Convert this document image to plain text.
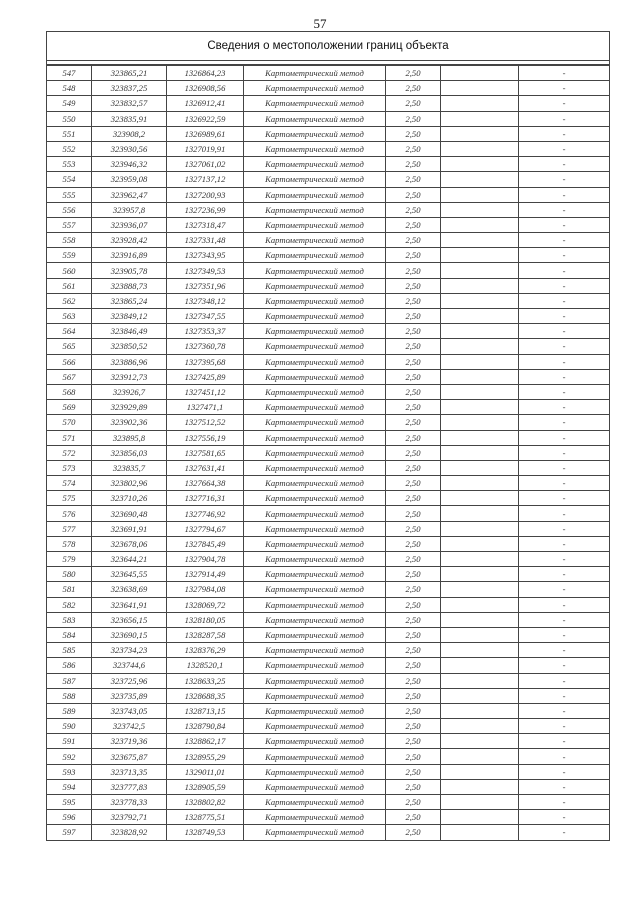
57
Сведения о местоположении границ объекта
547	323865,21	1326864,23	Картометрический метод	2,50		-
548	323837,25	1326908,56	Картометрический метод	2,50		-
549	323832,57	1326912,41	Картометрический метод	2,50		-
550	323835,91	1326922,59	Картометрический метод	2,50		-
551	323908,2	1326989,61	Картометрический метод	2,50		-
552	323930,56	1327019,91	Картометрический метод	2,50		-
553	323946,32	1327061,02	Картометрический метод	2,50		-
554	323959,08	1327137,12	Картометрический метод	2,50		-
555	323962,47	1327200,93	Картометрический метод	2,50		-
556	323957,8	1327236,99	Картометрический метод	2,50		-
557	323936,07	1327318,47	Картометрический метод	2,50		-
558	323928,42	1327331,48	Картометрический метод	2,50		-
559	323916,89	1327343,95	Картометрический метод	2,50		-
560	323905,78	1327349,53	Картометрический метод	2,50		-
561	323888,73	1327351,96	Картометрический метод	2,50		-
562	323865,24	1327348,12	Картометрический метод	2,50		-
563	323849,12	1327347,55	Картометрический метод	2,50		-
564	323846,49	1327353,37	Картометрический метод	2,50		-
565	323850,52	1327360,78	Картометрический метод	2,50		-
566	323886,96	1327395,68	Картометрический метод	2,50		-
567	323912,73	1327425,89	Картометрический метод	2,50		-
568	323926,7	1327451,12	Картометрический метод	2,50		-
569	323929,89	1327471,1	Картометрический метод	2,50		-
570	323902,36	1327512,52	Картометрический метод	2,50		-
571	323895,8	1327556,19	Картометрический метод	2,50		-
572	323856,03	1327581,65	Картометрический метод	2,50		-
573	323835,7	1327631,41	Картометрический метод	2,50		-
574	323802,96	1327664,38	Картометрический метод	2,50		-
575	323710,26	1327716,31	Картометрический метод	2,50		-
576	323690,48	1327746,92	Картометрический метод	2,50		-
577	323691,91	1327794,67	Картометрический метод	2,50		-
578	323678,06	1327845,49	Картометрический метод	2,50		-
579	323644,21	1327904,78	Картометрический метод	2,50		-
580	323645,55	1327914,49	Картометрический метод	2,50		-
581	323638,69	1327984,08	Картометрический метод	2,50		-
582	323641,91	1328069,72	Картометрический метод	2,50		-
583	323656,15	1328180,05	Картометрический метод	2,50		-
584	323690,15	1328287,58	Картометрический метод	2,50		-
585	323734,23	1328376,29	Картометрический метод	2,50		-
586	323744,6	1328520,1	Картометрический метод	2,50		-
587	323725,96	1328633,25	Картометрический метод	2,50		-
588	323735,89	1328688,35	Картометрический метод	2,50		-
589	323743,05	1328713,15	Картометрический метод	2,50		-
590	323742,5	1328790,84	Картометрический метод	2,50		-
591	323719,36	1328862,17	Картометрический метод	2,50		-
592	323675,87	1328955,29	Картометрический метод	2,50		-
593	323713,35	1329011,01	Картометрический метод	2,50		-
594	323777,83	1328905,59	Картометрический метод	2,50		-
595	323778,33	1328802,82	Картометрический метод	2,50		-
596	323792,71	1328775,51	Картометрический метод	2,50		-
597	323828,92	1328749,53	Картометрический метод	2,50		-
